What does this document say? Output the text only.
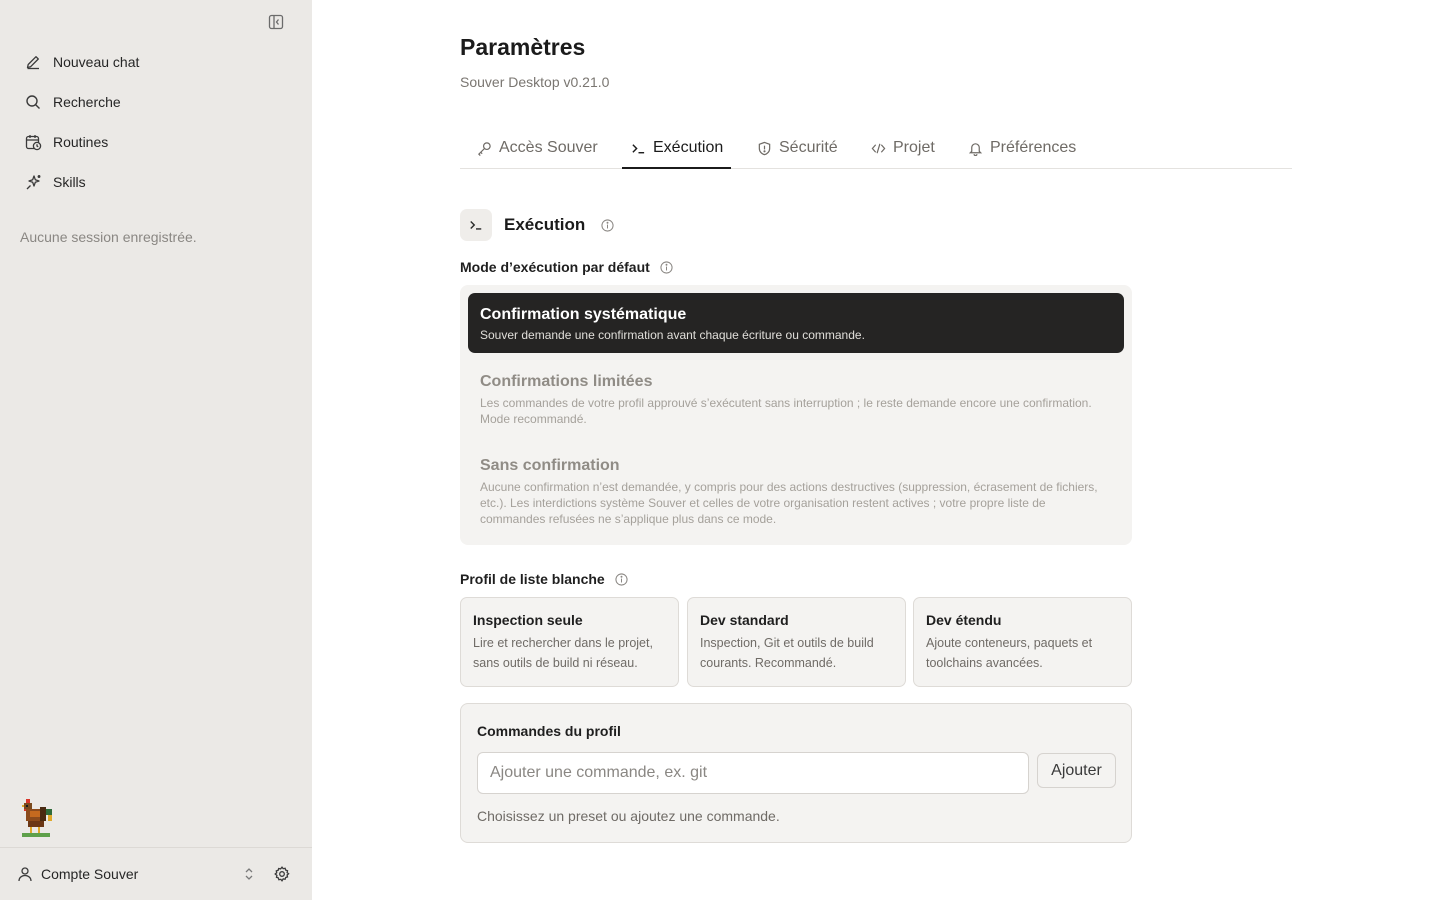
Nouveau chat
Recherche
Routines
Skills
Aucune session enregistrée.
Compte Souver
Paramètres
Souver Desktop v0.21.0
Accès Souver	Exécution	Sécurité	Projet	Préférences
Exécution
Mode d’exécution par défaut
Confirmation systématique
Souver demande une confirmation avant chaque écriture ou commande.
Confirmations limitées
Les commandes de votre profil approuvé s’exécutent sans interruption ; le reste demande encore une confirmation. Mode recommandé.
Sans confirmation
Aucune confirmation n’est demandée, y compris pour des actions destructives (suppression, écrasement de fichiers, etc.). Les interdictions système Souver et celles de votre organisation restent actives ; votre propre liste de commandes refusées ne s’applique plus dans ce mode.
Profil de liste blanche
Inspection seule
Lire et rechercher dans le projet, sans outils de build ni réseau.
Dev standard
Inspection, Git et outils de build courants. Recommandé.
Dev étendu
Ajoute conteneurs, paquets et toolchains avancées.
Commandes du profil
Ajouter une commande, ex. git
Ajouter
Choisissez un preset ou ajoutez une commande.
